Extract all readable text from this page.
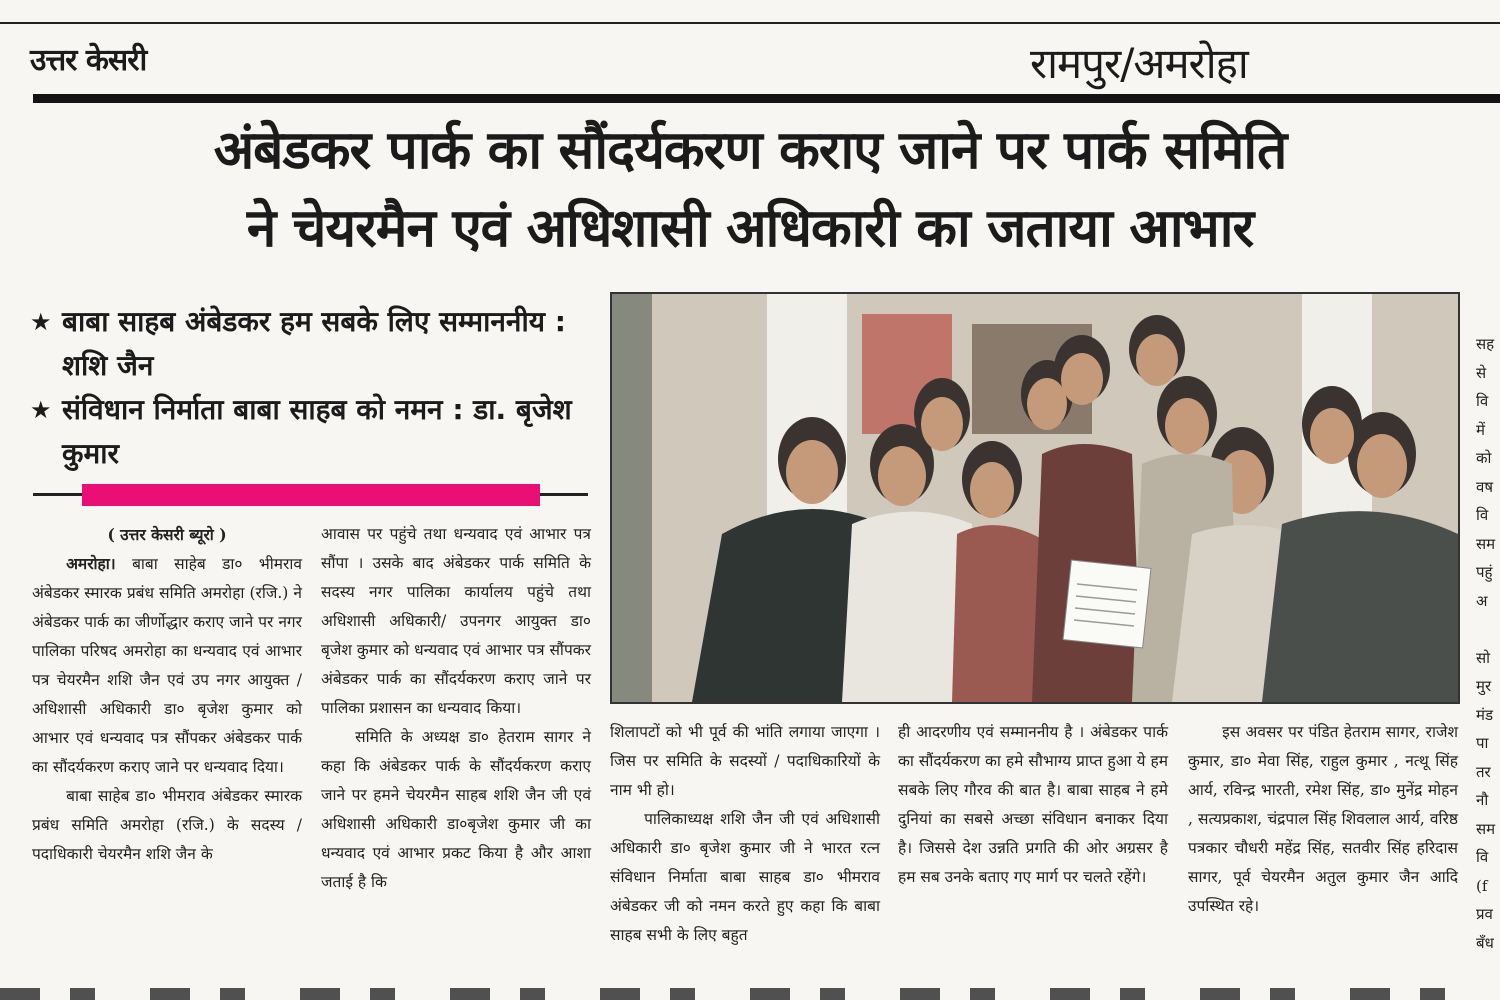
उत्तर केसरी	रामपुर/अमरोहा
अंबेडकर पार्क का सौंदर्यकरण कराए जाने पर पार्क समिति
ने चेयरमैन एवं अधिशासी अधिकारी का जताया आभार
★ बाबा साहब अंबेडकर हम सबके लिए सम्माननीय : शशि जैन
★ संविधान निर्माता बाबा साहब को नमन : डा. बृजेश कुमार

( उत्तर केसरी ब्यूरो )

अमरोहा। बाबा साहेब डा० भीमराव अंबेडकर स्मारक प्रबंध समिति अमरोहा (रजि.) ने अंबेडकर पार्क का जीर्णोद्धार कराए जाने पर नगर पालिका परिषद अमरोहा का धन्यवाद एवं आभार पत्र चेयरमैन शशि जैन एवं उप नगर आयुक्त / अधिशासी अधिकारी डा० बृजेश कुमार को आभार एवं धन्यवाद पत्र सौंपकर अंबेडकर पार्क का सौंदर्यकरण कराए जाने पर धन्यवाद दिया।

बाबा साहेब डा० भीमराव अंबेडकर स्मारक प्रबंध समिति अमरोहा (रजि.) के सदस्य / पदाधिकारी चेयरमैन शशि जैन के

आवास पर पहुंचे तथा धन्यवाद एवं आभार पत्र सौंपा । उसके बाद अंबेडकर पार्क समिति के सदस्य नगर पालिका कार्यालय पहुंचे तथा अधिशासी अधिकारी/ उपनगर आयुक्त डा० बृजेश कुमार को धन्यवाद एवं आभार पत्र सौंपकर अंबेडकर पार्क का सौंदर्यकरण कराए जाने पर पालिका प्रशासन का धन्यवाद किया।

समिति के अध्यक्ष डा० हेतराम सागर ने कहा कि अंबेडकर पार्क के सौंदर्यकरण कराए जाने पर हमने चेयरमैन साहब शशि जैन जी एवं अधिशासी अधिकारी डा०बृजेश कुमार जी का धन्यवाद एवं आभार प्रकट किया है और आशा जताई है कि

शिलापटों को भी पूर्व की भांति लगाया जाएगा । जिस पर समिति के सदस्यों / पदाधिकारियों के नाम भी हो।

पालिकाध्यक्ष शशि जैन जी एवं अधिशासी अधिकारी डा० बृजेश कुमार जी ने भारत रत्न संविधान निर्माता बाबा साहब डा० भीमराव अंबेडकर जी को नमन करते हुए कहा कि बाबा साहब सभी के लिए बहुत

ही आदरणीय एवं सम्माननीय है । अंबेडकर पार्क का सौंदर्यकरण का हमे सौभाग्य प्राप्त हुआ ये हम सबके लिए गौरव की बात है। बाबा साहब ने हमे दुनियां का सबसे अच्छा संविधान बनाकर दिया है। जिससे देश उन्नति प्रगति की ओर अग्रसर है हम सब उनके बताए गए मार्ग पर चलते रहेंगे।

इस अवसर पर पंडित हेतराम सागर, राजेश कुमार, डा० मेवा सिंह, राहुल कुमार , नत्थू सिंह आर्य, रविन्द्र भारती, रमेश सिंह, डा० मुनेंद्र मोहन , सत्यप्रकाश, चंद्रपाल सिंह शिवलाल आर्य, वरिष्ठ पत्रकार चौधरी महेंद्र सिंह, सतवीर सिंह हरिदास सागर, पूर्व चेयरमैन अतुल कुमार जैन आदि उपस्थित रहे।

सह
से
वि
में
को
वष
वि
सम
पहुं
अ

सो
मुर
मंड
पा
तर
नौ
सम
वि
(f
प्रव
बँध
